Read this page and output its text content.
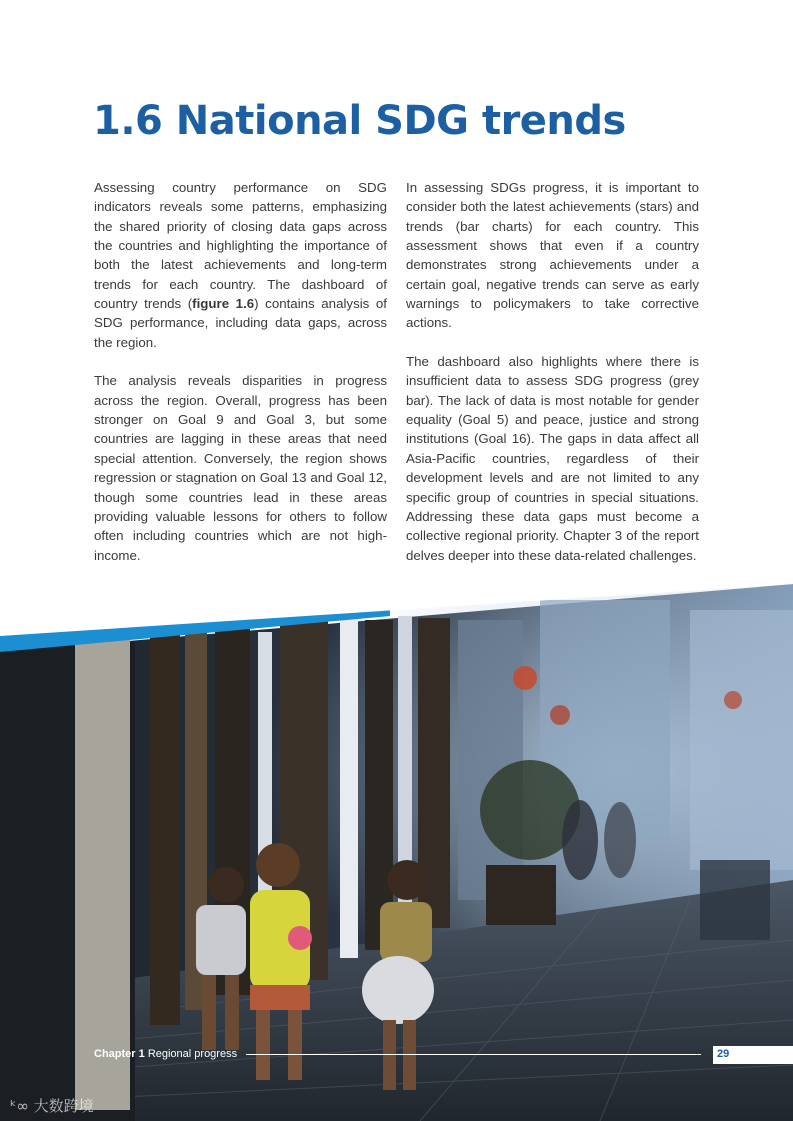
1.6 National SDG trends

Assessing country performance on SDG indicators reveals some patterns, emphasizing the shared priority of closing data gaps across the countries and highlighting the importance of both the latest achievements and long-term trends for each country. The dashboard of country trends (figure 1.6) contains analysis of SDG performance, including data gaps, across the region.

The analysis reveals disparities in progress across the region. Overall, progress has been stronger on Goal 9 and Goal 3, but some countries are lagging in these areas that need special attention. Conversely, the region shows regression or stagnation on Goal 13 and Goal 12, though some countries lead in these areas providing valuable lessons for others to follow often including countries which are not high-income.

In assessing SDGs progress, it is important to consider both the latest achievements (stars) and trends (bar charts) for each country. This assessment shows that even if a country demonstrates strong achievements under a certain goal, negative trends can serve as early warnings to policymakers to take corrective actions.

The dashboard also highlights where there is insufficient data to assess SDG progress (grey bar). The lack of data is most notable for gender equality (Goal 5) and peace, justice and strong institutions (Goal 16). The gaps in data affect all Asia-Pacific countries, regardless of their development levels and are not limited to any specific group of countries in special situations. Addressing these data gaps must become a collective regional priority. Chapter 3 of the report delves deeper into these data-related challenges.

Chapter 1 Regional progress	29
ᵏ∞ 大数跨境
